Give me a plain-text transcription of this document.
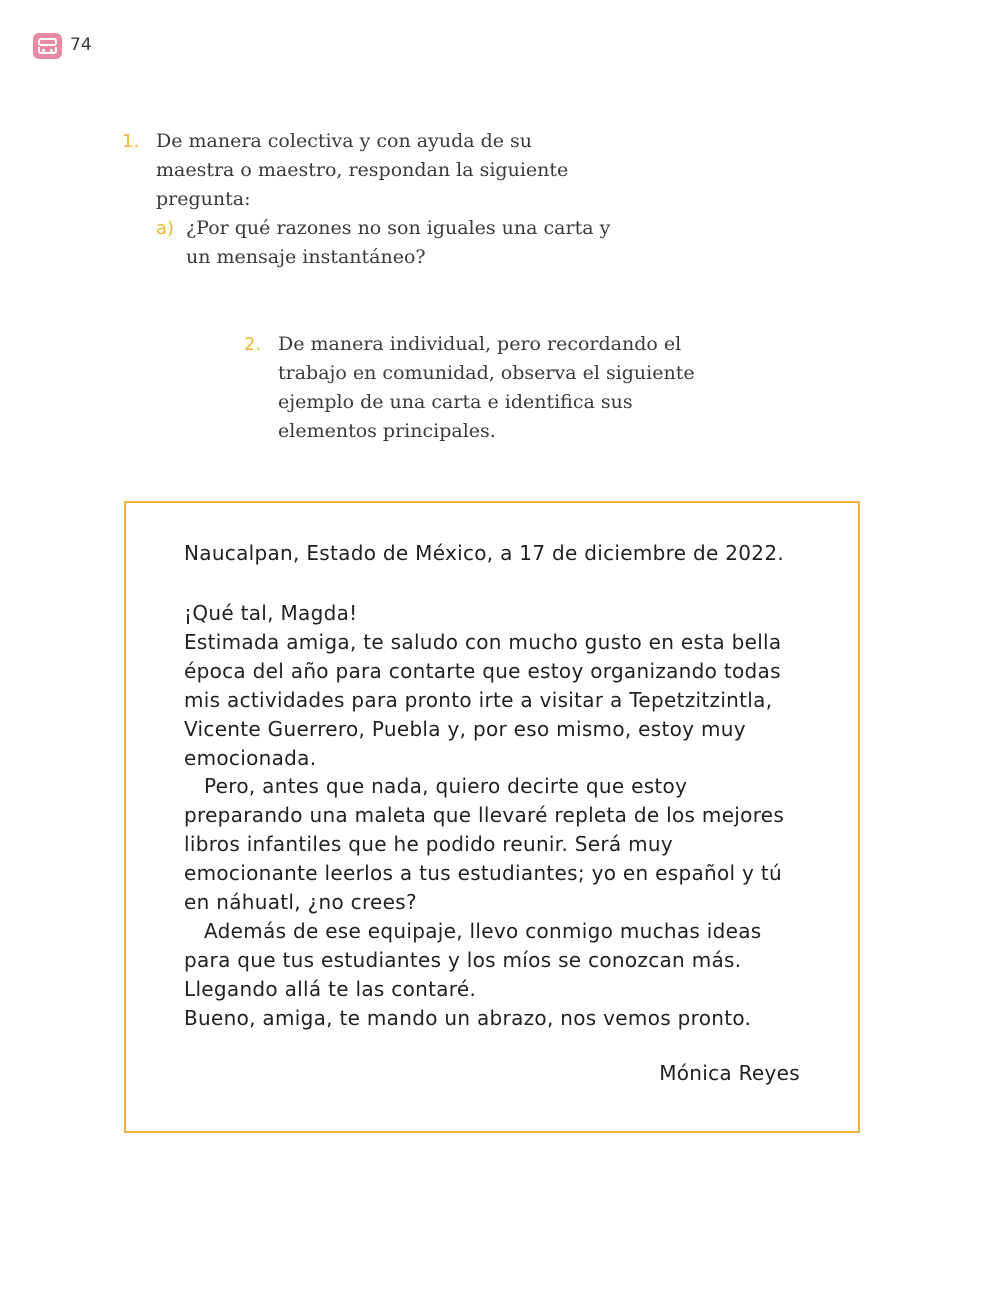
74
1. De manera colectiva y con ayuda de su maestra o maestro, respondan la siguiente pregunta:
a) ¿Por qué razones no son iguales una carta y un mensaje instantáneo?
2. De manera individual, pero recordando el trabajo en comunidad, observa el siguiente ejemplo de una carta e identifica sus elementos principales.
Naucalpan, Estado de México, a 17 de diciembre de 2022.

¡Qué tal, Magda!

Estimada amiga, te saludo con mucho gusto en esta bella época del año para contarte que estoy organizando todas mis actividades para pronto irte a visitar a Tepetzitzintla, Vicente Guerrero, Puebla y, por eso mismo, estoy muy emocionada.

Pero, antes que nada, quiero decirte que estoy preparando una maleta que llevaré repleta de los mejores libros infantiles que he podido reunir. Será muy emocionante leerlos a tus estudiantes; yo en español y tú en náhuatl, ¿no crees?

Además de ese equipaje, llevo conmigo muchas ideas para que tus estudiantes y los míos se conozcan más. Llegando allá te las contaré.

Bueno, amiga, te mando un abrazo, nos vemos pronto.

Mónica Reyes
